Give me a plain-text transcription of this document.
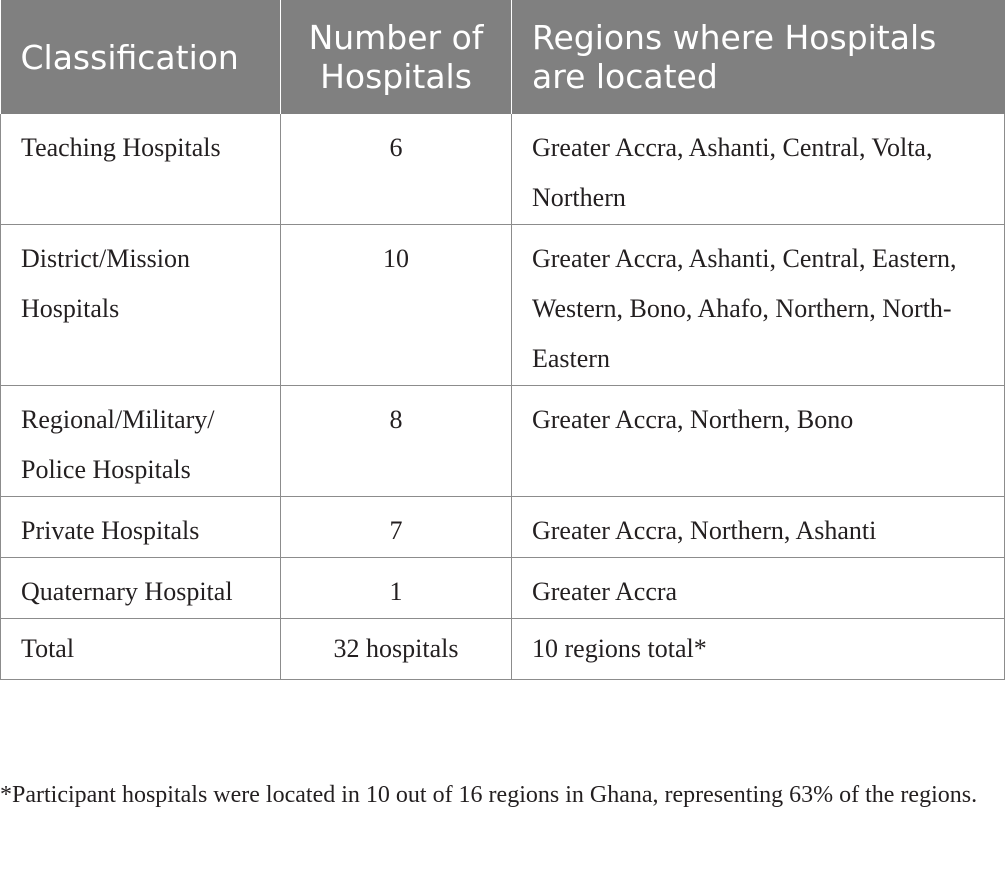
Classification	Number of Hospitals	Regions where Hospitals are located
Teaching Hospitals	6	Greater Accra, Ashanti, Central, Volta, Northern
District/Mission Hospitals	10	Greater Accra, Ashanti, Central, Eastern, Western, Bono, Ahafo, Northern, North-Eastern
Regional/Military/ Police Hospitals	8	Greater Accra, Northern, Bono
Private Hospitals	7	Greater Accra, Northern, Ashanti
Quaternary Hospital	1	Greater Accra
Total	32 hospitals	10 regions total*

*Participant hospitals were located in 10 out of 16 regions in Ghana, representing 63% of the regions.
